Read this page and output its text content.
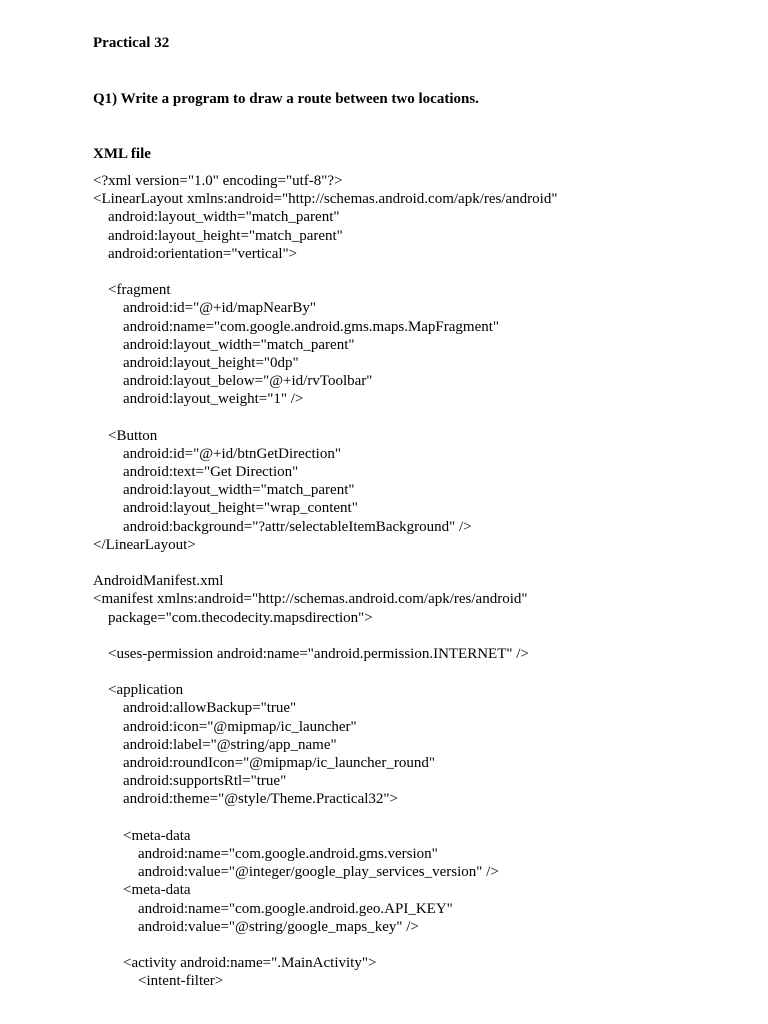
Practical 32
Q1) Write a program to draw a route between two locations.
XML file
<?xml version="1.0" encoding="utf-8"?>
<LinearLayout xmlns:android="http://schemas.android.com/apk/res/android"
android:layout_width="match_parent"
android:layout_height="match_parent"
android:orientation="vertical">
<fragment
android:id="@+id/mapNearBy"
android:name="com.google.android.gms.maps.MapFragment"
android:layout_width="match_parent"
android:layout_height="0dp"
android:layout_below="@+id/rvToolbar"
android:layout_weight="1" />
<Button
android:id="@+id/btnGetDirection"
android:text="Get Direction"
android:layout_width="match_parent"
android:layout_height="wrap_content"
android:background="?attr/selectableItemBackground" />
</LinearLayout>
AndroidManifest.xml
<manifest xmlns:android="http://schemas.android.com/apk/res/android"
package="com.thecodecity.mapsdirection">
<uses-permission android:name="android.permission.INTERNET" />
<application
android:allowBackup="true"
android:icon="@mipmap/ic_launcher"
android:label="@string/app_name"
android:roundIcon="@mipmap/ic_launcher_round"
android:supportsRtl="true"
android:theme="@style/Theme.Practical32">
<meta-data
android:name="com.google.android.gms.version"
android:value="@integer/google_play_services_version" />
<meta-data
android:name="com.google.android.geo.API_KEY"
android:value="@string/google_maps_key" />
<activity android:name=".MainActivity">
<intent-filter>
